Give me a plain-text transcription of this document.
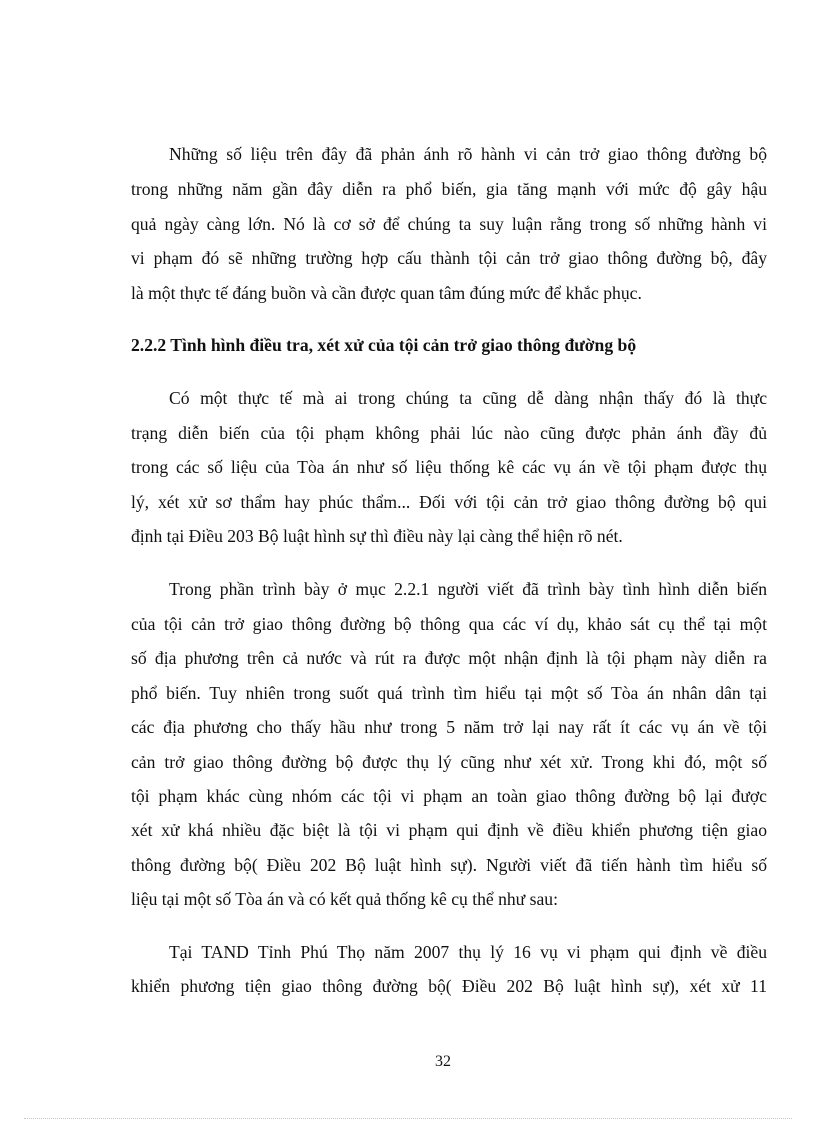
Những số liệu trên đây đã phản ánh rõ hành vi cản trở giao thông đường bộ
trong những năm gần đây diễn ra phổ biến, gia tăng mạnh với mức độ gây hậu
quả ngày càng lớn. Nó là cơ sở để chúng ta suy luận rằng trong số những hành vi
vi phạm đó sẽ những trường hợp cấu thành tội cản trở giao thông đường bộ, đây
là một thực tế đáng buồn và cần được quan tâm đúng mức để khắc phục.
2.2.2 Tình hình điều tra, xét xử của tội cản trở giao thông đường bộ
Có một thực tế mà ai trong chúng ta cũng dễ dàng nhận thấy đó là thực
trạng diễn biến của tội phạm không phải lúc nào cũng được phản ánh đầy đủ
trong các số liệu của Tòa án như số liệu thống kê các vụ án về tội phạm được thụ
lý, xét xử sơ thẩm hay phúc thẩm... Đối với tội cản trở giao thông đường bộ qui
định tại Điều 203 Bộ luật hình sự thì điều này lại càng thể hiện rõ nét.
Trong phần trình bày ở mục 2.2.1 người viết đã trình bày tình hình diễn biến
của tội cản trở giao thông đường bộ thông qua các ví dụ, khảo sát cụ thể tại một
số địa phương trên cả nước và rút ra được một nhận định là tội phạm này diễn ra
phổ biến. Tuy nhiên trong suốt quá trình tìm hiểu tại một số Tòa án nhân dân tại
các địa phương cho thấy hầu như trong 5 năm trở lại nay rất ít các vụ án về tội
cản trở giao thông đường bộ được thụ lý cũng như xét xử. Trong khi đó, một số
tội phạm khác cùng nhóm các tội vi phạm an toàn giao thông đường bộ lại được
xét xử khá nhiều đặc biệt là tội vi phạm qui định về điều khiển phương tiện giao
thông đường bộ( Điều 202 Bộ luật hình sự). Người viết đã tiến hành tìm hiểu số
liệu tại một số Tòa án và có kết quả thống kê cụ thể như sau:
Tại TAND Tỉnh Phú Thọ năm 2007 thụ lý 16 vụ vi phạm qui định về điều
khiển phương tiện giao thông đường bộ( Điều 202 Bộ luật hình sự), xét xử 11
32
